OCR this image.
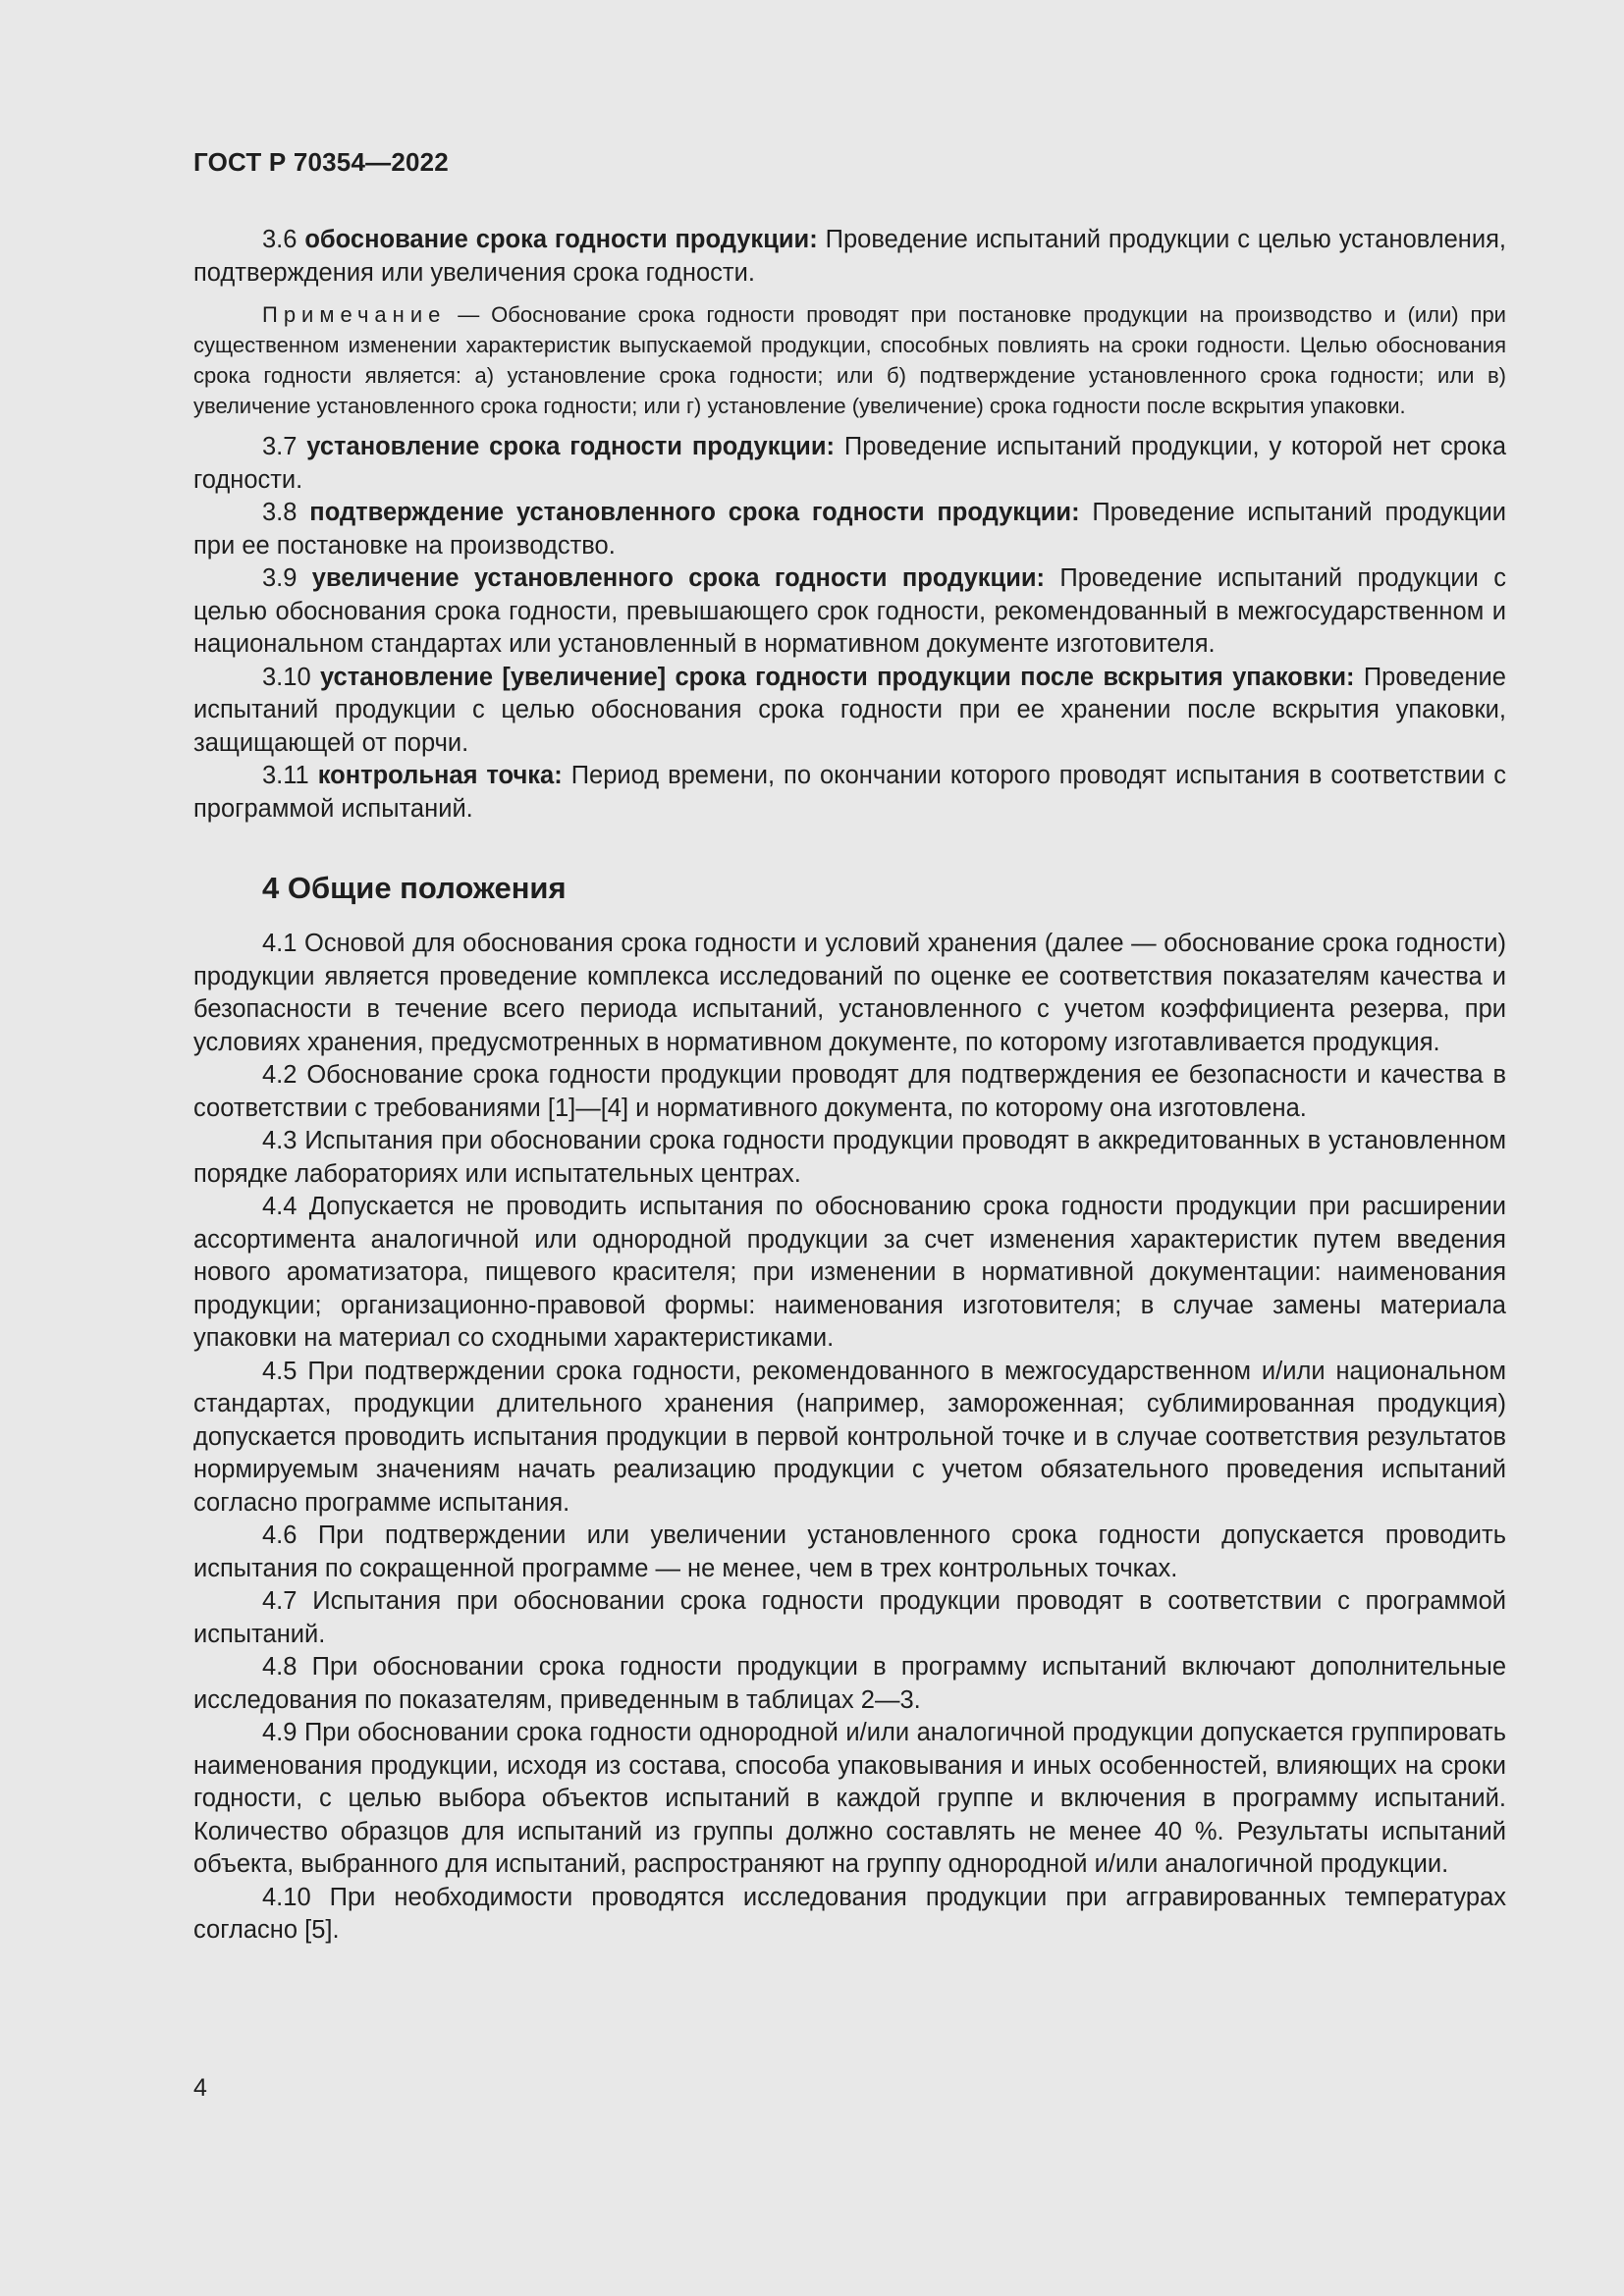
ГОСТ Р 70354—2022

3.6 обоснование срока годности продукции: Проведение испытаний продукции с целью установления, подтверждения или увеличения срока годности.

Примечание — Обоснование срока годности проводят при постановке продукции на производство и (или) при существенном изменении характеристик выпускаемой продукции, способных повлиять на сроки годности. Целью обоснования срока годности является: а) установление срока годности; или б) подтверждение установленного срока годности; или в) увеличение установленного срока годности; или г) установление (увеличение) срока годности после вскрытия упаковки.

3.7 установление срока годности продукции: Проведение испытаний продукции, у которой нет срока годности.

3.8 подтверждение установленного срока годности продукции: Проведение испытаний продукции при ее постановке на производство.

3.9 увеличение установленного срока годности продукции: Проведение испытаний продукции с целью обоснования срока годности, превышающего срок годности, рекомендованный в межгосударственном и национальном стандартах или установленный в нормативном документе изготовителя.

3.10 установление [увеличение] срока годности продукции после вскрытия упаковки: Проведение испытаний продукции с целью обоснования срока годности при ее хранении после вскрытия упаковки, защищающей от порчи.

3.11 контрольная точка: Период времени, по окончании которого проводят испытания в соответствии с программой испытаний.

4 Общие положения

4.1 Основой для обоснования срока годности и условий хранения (далее — обоснование срока годности) продукции является проведение комплекса исследований по оценке ее соответствия показателям качества и безопасности в течение всего периода испытаний, установленного с учетом коэффициента резерва, при условиях хранения, предусмотренных в нормативном документе, по которому изготавливается продукция.

4.2 Обоснование срока годности продукции проводят для подтверждения ее безопасности и качества в соответствии с требованиями [1]—[4] и нормативного документа, по которому она изготовлена.

4.3 Испытания при обосновании срока годности продукции проводят в аккредитованных в установленном порядке лабораториях или испытательных центрах.

4.4 Допускается не проводить испытания по обоснованию срока годности продукции при расширении ассортимента аналогичной или однородной продукции за счет изменения характеристик путем введения нового ароматизатора, пищевого красителя; при изменении в нормативной документации: наименования продукции; организационно-правовой формы: наименования изготовителя; в случае замены материала упаковки на материал со сходными характеристиками.

4.5 При подтверждении срока годности, рекомендованного в межгосударственном и/или национальном стандартах, продукции длительного хранения (например, замороженная; сублимированная продукция) допускается проводить испытания продукции в первой контрольной точке и в случае соответствия результатов нормируемым значениям начать реализацию продукции с учетом обязательного проведения испытаний согласно программе испытания.

4.6 При подтверждении или увеличении установленного срока годности допускается проводить испытания по сокращенной программе — не менее, чем в трех контрольных точках.

4.7 Испытания при обосновании срока годности продукции проводят в соответствии с программой испытаний.

4.8 При обосновании срока годности продукции в программу испытаний включают дополнительные исследования по показателям, приведенным в таблицах 2—3.

4.9 При обосновании срока годности однородной и/или аналогичной продукции допускается группировать наименования продукции, исходя из состава, способа упаковывания и иных особенностей, влияющих на сроки годности, с целью выбора объектов испытаний в каждой группе и включения в программу испытаний. Количество образцов для испытаний из группы должно составлять не менее 40 %. Результаты испытаний объекта, выбранного для испытаний, распространяют на группу однородной и/или аналогичной продукции.

4.10 При необходимости проводятся исследования продукции при аггравированных температурах согласно [5].

4
